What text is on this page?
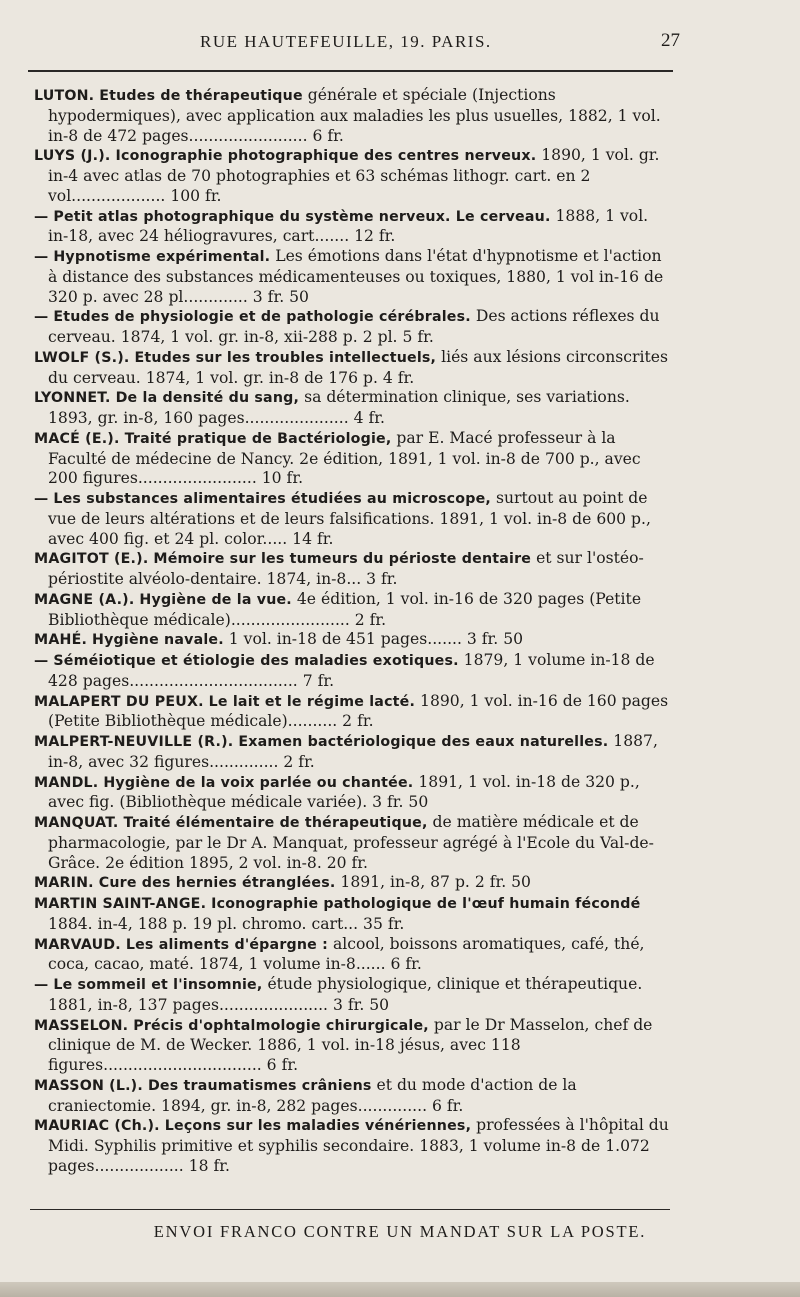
RUE HAUTEFEUILLE, 19. PARIS.	27

LUTON. Etudes de thérapeutique générale et spéciale (Injections hypodermiques), avec application aux maladies les plus usuelles, 1882, 1 vol. in-8 de 472 pages........................ 6 fr.

LUYS (J.). Iconographie photographique des centres nerveux. 1890, 1 vol. gr. in-4 avec atlas de 70 photographies et 63 schémas lithogr. cart. en 2 vol................... 100 fr.

— Petit atlas photographique du système nerveux. Le cerveau. 1888, 1 vol. in-18, avec 24 héliogravures, cart....... 12 fr.

— Hypnotisme expérimental. Les émotions dans l'état d'hypnotisme et l'action à distance des substances médicamenteuses ou toxiques, 1880, 1 vol in-16 de 320 p. avec 28 pl............. 3 fr. 50

— Etudes de physiologie et de pathologie cérébrales. Des actions réflexes du cerveau. 1874, 1 vol. gr. in-8, xii-288 p. 2 pl. 5 fr.

LWOLF (S.). Etudes sur les troubles intellectuels, liés aux lésions circonscrites du cerveau. 1874, 1 vol. gr. in-8 de 176 p. 4 fr.

LYONNET. De la densité du sang, sa détermination clinique, ses variations. 1893, gr. in-8, 160 pages..................... 4 fr.

MACÉ (E.). Traité pratique de Bactériologie, par E. Macé professeur à la Faculté de médecine de Nancy. 2e édition, 1891, 1 vol. in-8 de 700 p., avec 200 figures........................ 10 fr.

— Les substances alimentaires étudiées au microscope, surtout au point de vue de leurs altérations et de leurs falsifications. 1891, 1 vol. in-8 de 600 p., avec 400 fig. et 24 pl. color..... 14 fr.

MAGITOT (E.). Mémoire sur les tumeurs du périoste dentaire et sur l'ostéo-périostite alvéolo-dentaire. 1874, in-8... 3 fr.

MAGNE (A.). Hygiène de la vue. 4e édition, 1 vol. in-16 de 320 pages (Petite Bibliothèque médicale)........................ 2 fr.

MAHÉ. Hygiène navale. 1 vol. in-18 de 451 pages....... 3 fr. 50

— Séméiotique et étiologie des maladies exotiques. 1879, 1 volume in-18 de 428 pages.................................. 7 fr.

MALAPERT DU PEUX. Le lait et le régime lacté. 1890, 1 vol. in-16 de 160 pages (Petite Bibliothèque médicale).......... 2 fr.

MALPERT-NEUVILLE (R.). Examen bactériologique des eaux naturelles. 1887, in-8, avec 32 figures.............. 2 fr.

MANDL. Hygiène de la voix parlée ou chantée. 1891, 1 vol. in-18 de 320 p., avec fig. (Bibliothèque médicale variée). 3 fr. 50

MANQUAT. Traité élémentaire de thérapeutique, de matière médicale et de pharmacologie, par le Dr A. Manquat, professeur agrégé à l'Ecole du Val-de-Grâce. 2e édition 1895, 2 vol. in-8. 20 fr.

MARIN. Cure des hernies étranglées. 1891, in-8, 87 p. 2 fr. 50

MARTIN SAINT-ANGE. Iconographie pathologique de l'œuf humain fécondé 1884. in-4, 188 p. 19 pl. chromo. cart... 35 fr.

MARVAUD. Les aliments d'épargne : alcool, boissons aromatiques, café, thé, coca, cacao, maté. 1874, 1 volume in-8...... 6 fr.

— Le sommeil et l'insomnie, étude physiologique, clinique et thérapeutique. 1881, in-8, 137 pages...................... 3 fr. 50

MASSELON. Précis d'ophtalmologie chirurgicale, par le Dr Masselon, chef de clinique de M. de Wecker. 1886, 1 vol. in-18 jésus, avec 118 figures................................ 6 fr.

MASSON (L.). Des traumatismes crâniens et du mode d'action de la craniectomie. 1894, gr. in-8, 282 pages.............. 6 fr.

MAURIAC (Ch.). Leçons sur les maladies vénériennes, professées à l'hôpital du Midi. Syphilis primitive et syphilis secondaire. 1883, 1 volume in-8 de 1.072 pages.................. 18 fr.

ENVOI FRANCO CONTRE UN MANDAT SUR LA POSTE.
